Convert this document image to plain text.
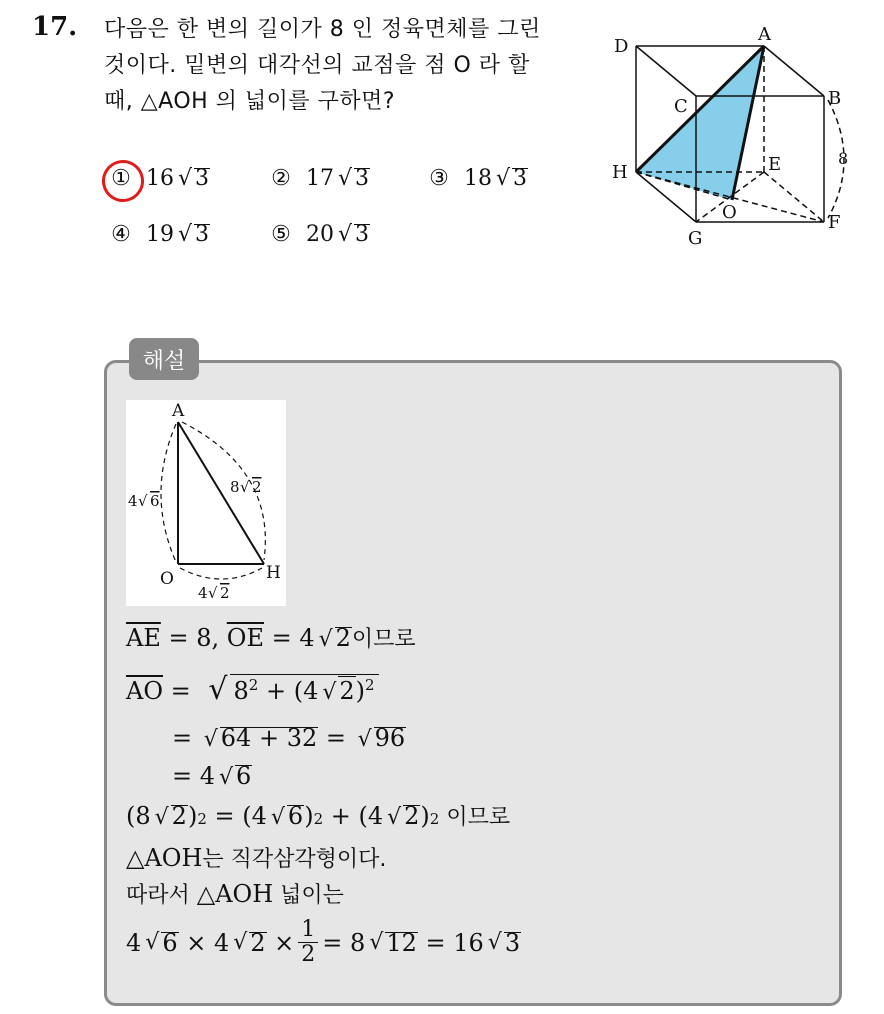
17. 다음은 한 변의 길이가 8 인 정육면체를 그린
것이다. 밑변의 대각선의 교점을 점 O 라 할
때, △AOH 의 넓이를 구하면?
① 16 √ 3	② 17 √ 3	③ 18 √ 3
④ 19 √ 3	⑤ 20 √ 3
D
A
B
C
H	E
O	F
G
8
해설
A
O	H
4 √ 6
8 √ 2
4 √ 2
$\overline{AE} = 8$, $\overline{OE} = 4$ √ 2 이므로
$\overline{AO}$ = √ $8^2 + (4$ √ 2)$^2$
= √ 64 + 32 = √ 96
= 4 √ 6
(8 √ 2 ) 2 = (4 √ 6 ) 2 + (4 √ 2 ) 2 이므로
△AOH 는 직각삼각형이다.
따라서 △AOH 넓이는
4 √ 6 × 4 √ $2 \times \frac{1}{2} = 8$ √ 12 = 16 √ 3
